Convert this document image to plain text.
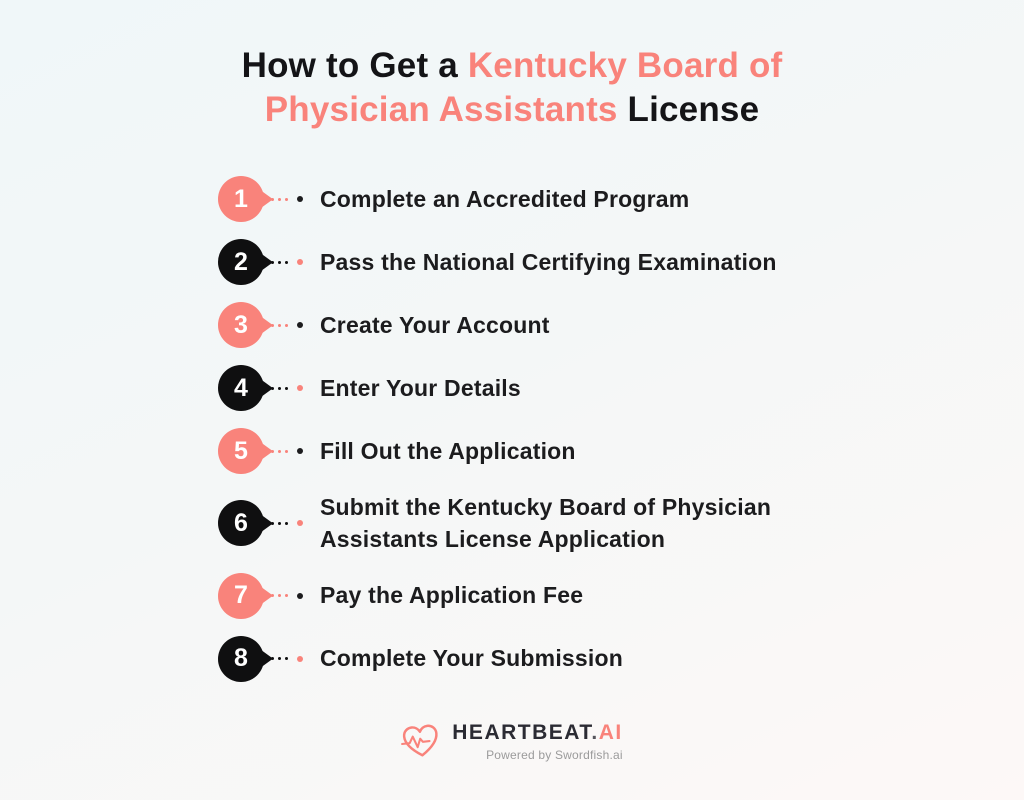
How to Get a Kentucky Board of
Physician Assistants License
1	Complete an Accredited Program
2	Pass the National Certifying Examination
3	Create Your Account
4	Enter Your Details
5	Fill Out the Application
6
Submit the Kentucky Board of Physician Assistants License Application
7	Pay the Application Fee
8	Complete Your Submission
HEARTBEAT.AI
Powered by Swordfish.ai
